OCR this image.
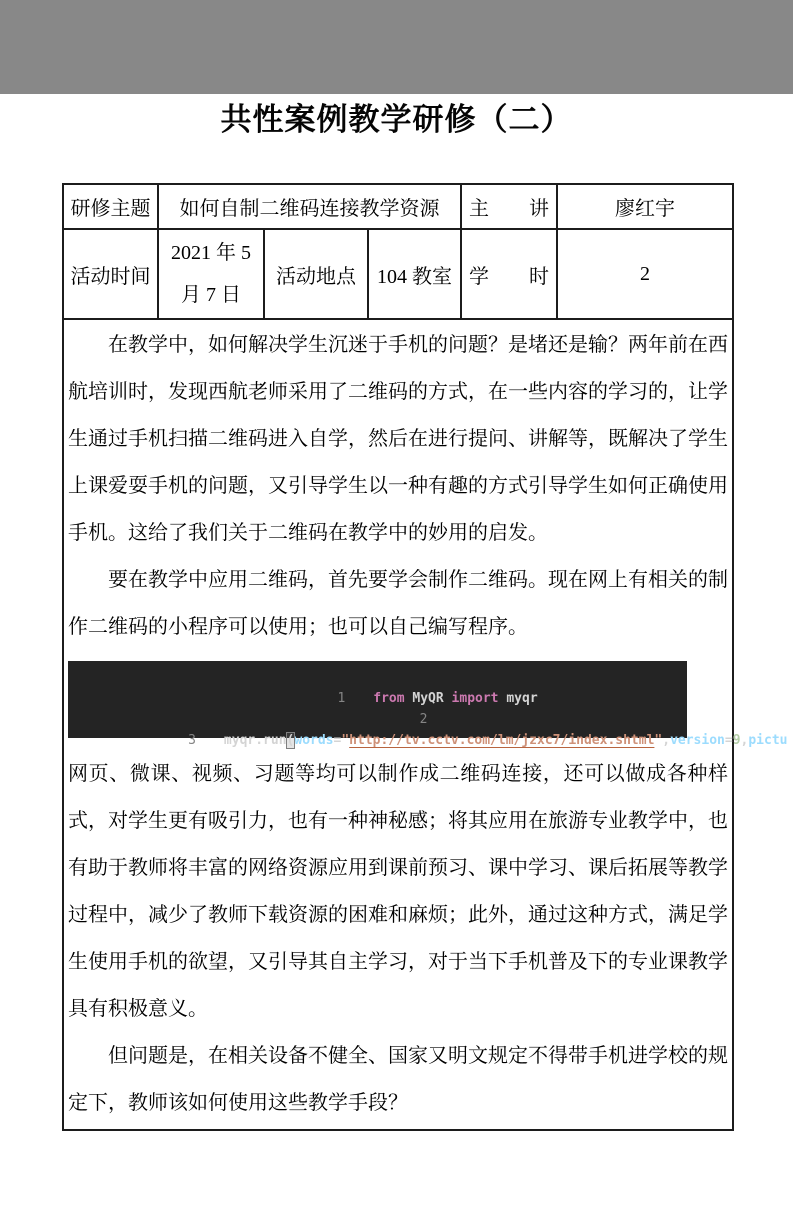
共性案例教学研修（二）
研修主题	如何自制二维码连接教学资源			主　　讲	廖红宇
活动时间	2021 年 5 月 7 日	活动地点	104 教室	学　　时	2

在教学中，如何解决学生沉迷于手机的问题？是堵还是输？两年前在西航培训时，发现西航老师采用了二维码的方式，在一些内容的学习的，让学生通过手机扫描二维码进入自学，然后在进行提问、讲解等，既解决了学生上课爱耍手机的问题，又引导学生以一种有趣的方式引导学生如何正确使用手机。这给了我们关于二维码在教学中的妙用的启发。

要在教学中应用二维码，首先要学会制作二维码。现在网上有相关的制作二维码的小程序可以使用；也可以自己编写程序。

1 from MyQR import myqr

2

3 myqr.run(words="http://tv.cctv.com/lm/jzxc7/index.shtml",version=9,pictu

网页、微课、视频、习题等均可以制作成二维码连接，还可以做成各种样式，对学生更有吸引力，也有一种神秘感；将其应用在旅游专业教学中，也有助于教师将丰富的网络资源应用到课前预习、课中学习、课后拓展等教学过程中，减少了教师下载资源的困难和麻烦；此外，通过这种方式，满足学生使用手机的欲望，又引导其自主学习，对于当下手机普及下的专业课教学具有积极意义。

但问题是，在相关设备不健全、国家又明文规定不得带手机进学校的规定下，教师该如何使用这些教学手段？
